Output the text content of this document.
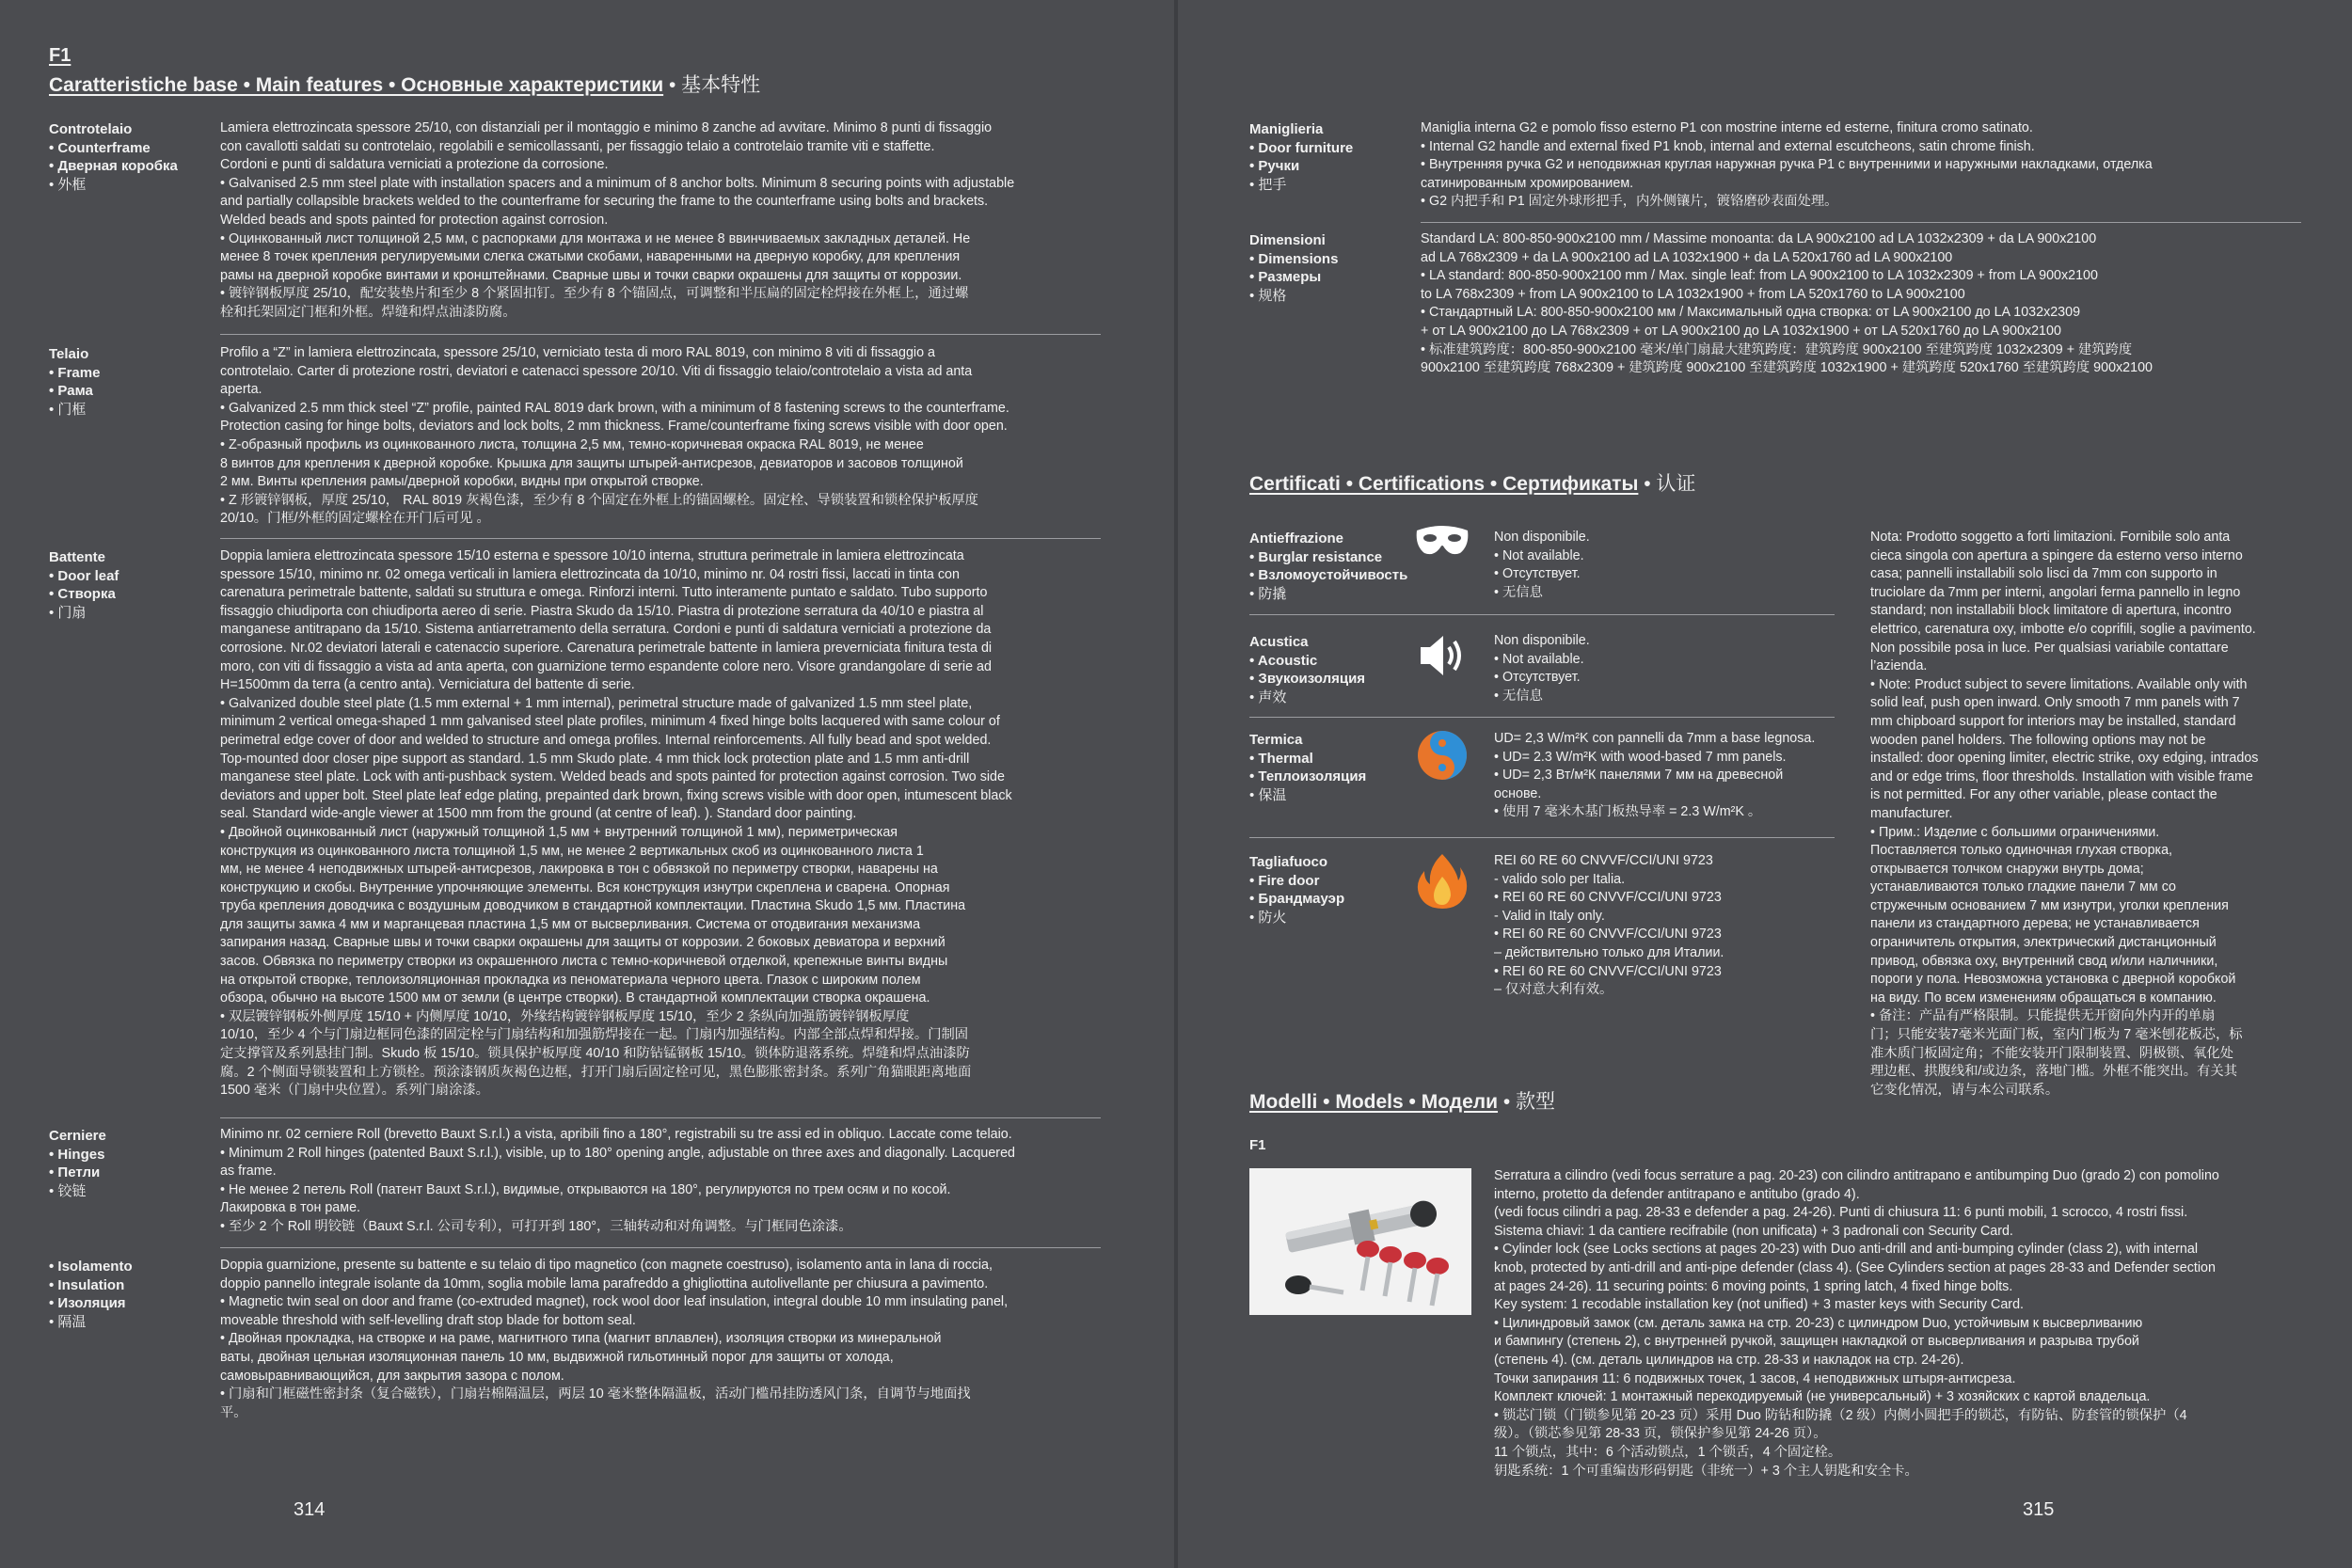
F1
Caratteristiche base • Main features • Основные характеристики • 基本特性
Controtelaio
• Counterframe
• Дверная коробка
• 外框

Lamiera elettrozincata spessore 25/10, con distanziali per il montaggio e minimo 8 zanche ad avvitare. Minimo 8 punti di fissaggio

con cavallotti saldati su controtelaio, regolabili e semicollassanti, per fissaggio telaio a controtelaio tramite viti e staffette.

Cordoni e punti di saldatura verniciati a protezione da corrosione.

• Galvanised 2.5 mm steel plate with installation spacers and a minimum of 8 anchor bolts. Minimum 8 securing points with adjustable

and partially collapsible brackets welded to the counterframe for securing the frame to the counterframe using bolts and brackets.

Welded beads and spots painted for protection against corrosion.

• Оцинкованный лист толщиной 2,5 мм, с распорками для монтажа и не менее 8 ввинчиваемых закладных деталей. Не

менее 8 точек крепления регулируемыми слегка сжатыми скобами, наваренными на дверную коробку, для крепления

рамы на дверной коробке винтами и кронштейнами. Сварные швы и точки сварки окрашены для защиты от коррозии.

• 镀锌钢板厚度 25/10，配安装垫片和至少 8 个紧固扣钉。至少有 8 个锚固点，可调整和半压扁的固定栓焊接在外框上，通过螺

栓和托架固定门框和外框。焊缝和焊点油漆防腐。

Telaio
• Frame
• Рама
• 门框

Profilo a “Z” in lamiera elettrozincata, spessore 25/10, verniciato testa di moro RAL 8019, con minimo 8 viti di fissaggio a

controtelaio. Carter di protezione rostri, deviatori e catenacci spessore 20/10. Viti di fissaggio telaio/controtelaio a vista ad anta

aperta.

• Galvanized 2.5 mm thick steel “Z” profile, painted RAL 8019 dark brown, with a minimum of 8 fastening screws to the counterframe.

Protection casing for hinge bolts, deviators and lock bolts, 2 mm thickness. Frame/counterframe fixing screws visible with door open.

• Z-образный профиль из оцинкованного листа, толщина 2,5 мм, темно-коричневая окраска RAL 8019, не менее

8 винтов для крепления к дверной коробке. Крышка для защиты штырей-антисрезов, девиаторов и засовов толщиной

2 мм. Винты крепления рамы/дверной коробки, видны при открытой створке.

• Z 形镀锌钢板，厚度 25/10， RAL 8019 灰褐色漆，至少有 8 个固定在外框上的锚固螺栓。固定栓、导锁装置和锁栓保护板厚度

20/10。门框/外框的固定螺栓在开门后可见 。

Battente
• Door leaf
• Створка
• 门扇

Doppia lamiera elettrozincata spessore 15/10 esterna e spessore 10/10 interna, struttura perimetrale in lamiera elettrozincata

spessore 15/10, minimo nr. 02 omega verticali in lamiera elettrozincata da 10/10, minimo nr. 04 rostri fissi, laccati in tinta con

carenatura perimetrale battente, saldati su struttura e omega. Rinforzi interni. Tutto interamente puntato e saldato. Tubo supporto

fissaggio chiudiporta con chiudiporta aereo di serie. Piastra Skudo da 15/10. Piastra di protezione serratura da 40/10 e piastra al

manganese antitrapano da 15/10. Sistema antiarretramento della serratura. Cordoni e punti di saldatura verniciati a protezione da

corrosione. Nr.02 deviatori laterali e catenaccio superiore. Carenatura perimetrale battente in lamiera preverniciata finitura testa di

moro, con viti di fissaggio a vista ad anta aperta, con guarnizione termo espandente colore nero. Visore grandangolare di serie ad

H=1500mm da terra (a centro anta). Verniciatura del battente di serie.

• Galvanized double steel plate (1.5 mm external + 1 mm internal), perimetral structure made of galvanized 1.5 mm steel plate,

minimum 2 vertical omega-shaped 1 mm galvanised steel plate profiles, minimum 4 fixed hinge bolts lacquered with same colour of

perimetral edge cover of door and welded to structure and omega profiles. Internal reinforcements. All fully bead and spot welded.

Top-mounted door closer pipe support as standard. 1.5 mm Skudo plate. 4 mm thick lock protection plate and 1.5 mm anti-drill

manganese steel plate. Lock with anti-pushback system. Welded beads and spots painted for protection against corrosion. Two side

deviators and upper bolt. Steel plate leaf edge plating, prepainted dark brown, fixing screws visible with door open, intumescent black

seal. Standard wide-angle viewer at 1500 mm from the ground (at centre of leaf). ). Standard door painting.

• Двойной оцинкованный лист (наружный толщиной 1,5 мм + внутренний толщиной 1 мм), периметрическая

конструкция из оцинкованного листа толщиной 1,5 мм, не менее 2 вертикальных скоб из оцинкованного листа 1

мм, не менее 4 неподвижных штырей-антисрезов, лакировка в тон с обвязкой по периметру створки, наварены на

конструкцию и скобы. Внутренние упрочняющие элементы. Вся конструкция изнутри скреплена и сварена. Опорная

труба крепления доводчика с воздушным доводчиком в стандартной комплектации. Пластина Skudo 1,5 мм. Пластина

для защиты замка 4 мм и марганцевая пластина 1,5 мм от высверливания. Система от отодвигания механизма

запирания назад. Сварные швы и точки сварки окрашены для защиты от коррозии. 2 боковых девиатора и верхний

засов. Обвязка по периметру створки из окрашенного листа с темно-коричневой отделкой, крепежные винты видны

на открытой створке, теплоизоляционная прокладка из пеноматериала черного цвета. Глазок с широким полем

обзора, обычно на высоте 1500 мм от земли (в центре створки). В стандартной комплектации створка окрашена.

• 双层镀锌钢板外侧厚度 15/10 + 内侧厚度 10/10，外缘结构镀锌钢板厚度 15/10，至少 2 条纵向加强筋镀锌钢板厚度

10/10，至少 4 个与门扇边框同色漆的固定栓与门扇结构和加强筋焊接在一起。门扇内加强结构。内部全部点焊和焊接。门制固

定支撑管及系列悬挂门制。Skudo 板 15/10。锁具保护板厚度 40/10 和防钻锰钢板 15/10。锁体防退落系统。焊缝和焊点油漆防

腐。2 个侧面导锁装置和上方锁栓。预涂漆钢质灰褐色边框，打开门扇后固定栓可见，黑色膨胀密封条。系列广角猫眼距离地面

1500 毫米（门扇中央位置）。系列门扇涂漆。

Cerniere
• Hinges
• Петли
• 铰链

Minimo nr. 02 cerniere Roll (brevetto Bauxt S.r.l.) a vista, apribili fino a 180°, registrabili su tre assi ed in obliquo. Laccate come telaio.

• Minimum 2 Roll hinges (patented Bauxt S.r.l.), visible, up to 180° opening angle, adjustable on three axes and diagonally. Lacquered

as frame.

• Не менее 2 петель Roll (патент Bauxt S.r.l.), видимые, открываются на 180°, регулируются по трем осям и по косой.

Лакировка в тон раме.

• 至少 2 个 Roll 明铰链（Bauxt S.r.l. 公司专利），可打开到 180°，三轴转动和对角调整。与门框同色涂漆。

• Isolamento
• Insulation
• Изоляция
• 隔温

Doppia guarnizione, presente su battente e su telaio di tipo magnetico (con magnete coestruso), isolamento anta in lana di roccia,

doppio pannello integrale isolante da 10mm, soglia mobile lama parafreddo a ghigliottina autolivellante per chiusura a pavimento.

• Magnetic twin seal on door and frame (co-extruded magnet), rock wool door leaf insulation, integral double 10 mm insulating panel,

moveable threshold with self-levelling draft stop blade for bottom seal.

• Двойная прокладка, на створке и на раме, магнитного типа (магнит вплавлен), изоляция створки из минеральной

ваты, двойная цельная изоляционная панель 10 мм, выдвижной гильотинный порог для защиты от холода,

самовыравнивающийся, для закрытия зазора с полом.

• 门扇和门框磁性密封条（复合磁铁），门扇岩棉隔温层，两层 10 毫米整体隔温板，活动门槛吊挂防透风门条，自调节与地面找

平。

314
Maniglieria
• Door furniture
• Ручки
• 把手

Maniglia interna G2 e pomolo fisso esterno P1 con mostrine interne ed esterne, finitura cromo satinato.

• Internal G2 handle and external fixed P1 knob, internal and external escutcheons, satin chrome finish.

• Внутренняя ручка G2 и неподвижная круглая наружная ручка P1 с внутренними и наружными накладками, отделка

сатинированным хромированием.

• G2 内把手和 P1 固定外球形把手，内外侧镶片，镀铬磨砂表面处理。

Dimensioni
• Dimensions
• Размеры
• 规格

Standard LA: 800-850-900x2100 mm / Massime monoanta: da LA 900x2100 ad LA 1032x2309 + da LA 900x2100

ad LA 768x2309 + da LA 900x2100 ad LA 1032x1900 + da LA 520x1760 ad LA 900x2100

• LA standard: 800-850-900x2100 mm / Max. single leaf: from LA 900x2100 to LA 1032x2309 + from LA 900x2100

to LA 768x2309 + from LA 900x2100 to LA 1032x1900 + from LA 520x1760 to LA 900x2100

• Стандартный LA: 800-850-900x2100 мм / Максимальный одна створка: от LA 900x2100 до LA 1032x2309

+ от LA 900x2100 до LA 768x2309 + от LA 900x2100 до LA 1032x1900 + от LA 520x1760 до LA 900x2100

• 标准建筑跨度：800-850-900x2100 毫米/单门扇最大建筑跨度：建筑跨度 900x2100 至建筑跨度 1032x2309 + 建筑跨度

900x2100 至建筑跨度 768x2309 + 建筑跨度 900x2100 至建筑跨度 1032x1900 + 建筑跨度 520x1760 至建筑跨度 900x2100

Certificati • Certifications • Сертификаты • 认证
Antieffrazione
• Burglar resistance
• Взломоустойчивость
• 防撬

Non disponibile.

• Not available.

• Отсутствует.

• 无信息

Acustica
• Acoustic
• Звукоизоляция
• 声效

Non disponibile.

• Not available.

• Отсутствует.

• 无信息

Termica
• Thermal
• Теплоизоляция
• 保温

UD= 2,3 W/m²K con pannelli da 7mm a base legnosa.

• UD= 2.3 W/m²K with wood-based 7 mm panels.

• UD= 2,3 Вт/м²К панелями 7 мм на древесной

основе.

• 使用 7 毫米木基门板热导率 = 2.3 W/m²K 。

Tagliafuoco
• Fire door
• Брандмауэр
• 防火

REI 60 RE 60 CNVVF/CCI/UNI 9723

- valido solo per Italia.

• REI 60 RE 60 CNVVF/CCI/UNI 9723

- Valid in Italy only.

• REI 60 RE 60 CNVVF/CCI/UNI 9723

– действительно только для Италии.

• REI 60 RE 60 CNVVF/CCI/UNI 9723

– 仅对意大利有效。

Nota: Prodotto soggetto a forti limitazioni. Fornibile solo anta

cieca singola con apertura a spingere da esterno verso interno

casa; pannelli installabili solo lisci da 7mm con supporto in

truciolare da 7mm per interni, angolari ferma pannello in legno

standard; non installabili block limitatore di apertura, incontro

elettrico, carenatura oxy, imbotte e/o coprifili, soglie a pavimento.

Non possibile posa in luce. Per qualsiasi variabile contattare

l’azienda.

• Note: Product subject to severe limitations. Available only with

solid leaf, push open inward. Only smooth 7 mm panels with 7

mm chipboard support for interiors may be installed, standard

wooden panel holders. The following options may not be

installed: door opening limiter, electric strike, oxy edging, intrados

and or edge trims, floor thresholds. Installation with visible frame

is not permitted. For any other variable, please contact the

manufacturer.

• Прим.: Изделие с большими ограничениями.

Поставляется только одиночная глухая створка,

открывается толчком снаружи внутрь дома;

устанавливаются только гладкие панели 7 мм со

стружечным основанием 7 мм изнутри, уголки крепления

панели из стандартного дерева; не устанавливается

ограничитель открытия, электрический дистанционный

привод, обвязка оху, внутренний свод и/или наличники,

пороги у пола. Невозможна установка с дверной коробкой

на виду. По всем изменениям обращаться в компанию.

• 备注：产品有严格限制。只能提供无开窗向外内开的单扇

门；只能安装7毫米光面门板，室内门板为 7 毫米刨花板芯，标

准木质门板固定角；不能安装开门限制装置、阴极锁、氧化处

理边框、拱腹线和/或边条，落地门槛。外框不能突出。有关其

它变化情况，请与本公司联系。

Modelli • Models • Модели • 款型
F1

Serratura a cilindro (vedi focus serrature a pag. 20-23) con cilindro antitrapano e antibumping Duo (grado 2) con pomolino

interno, protetto da defender antitrapano e antitubo (grado 4).

(vedi focus cilindri a pag. 28-33 e defender a pag. 24-26). Punti di chiusura 11: 6 punti mobili, 1 scrocco, 4 rostri fissi.

Sistema chiavi: 1 da cantiere recifrabile (non unificata) + 3 padronali con Security Card.

• Cylinder lock (see Locks sections at pages 20-23) with Duo anti-drill and anti-bumping cylinder (class 2), with internal

knob, protected by anti-drill and anti-pipe defender (class 4). (See Cylinders section at pages 28-33 and Defender section

at pages 24-26). 11 securing points: 6 moving points, 1 spring latch, 4 fixed hinge bolts.

Key system: 1 recodable installation key (not unified) + 3 master keys with Security Card.

• Цилиндровый замок (см. деталь замка на стр. 20-23) с цилиндром Duo, устойчивым к высверливанию

и бампингу (степень 2), с внутренней ручкой, защищен накладкой от высверливания и разрыва трубой

(степень 4). (см. деталь цилиндров на стр. 28-33 и накладок на стр. 24-26).

Точки запирания 11: 6 подвижных точек, 1 засов, 4 неподвижных штыря-антисреза.

Комплект ключей: 1 монтажный перекодируемый (не универсальный) + 3 хозяйских с картой владельца.

• 锁芯门锁（门锁参见第 20-23 页）采用 Duo 防钻和防撬（2 级）内侧小圆把手的锁芯，有防钻、防套管的锁保护（4

级）。（锁芯参见第 28-33 页，锁保护参见第 24-26 页）。

11 个锁点，其中：6 个活动锁点，1 个锁舌，4 个固定栓。

钥匙系统：1 个可重编齿形码钥匙（非统一）+ 3 个主人钥匙和安全卡。

315
